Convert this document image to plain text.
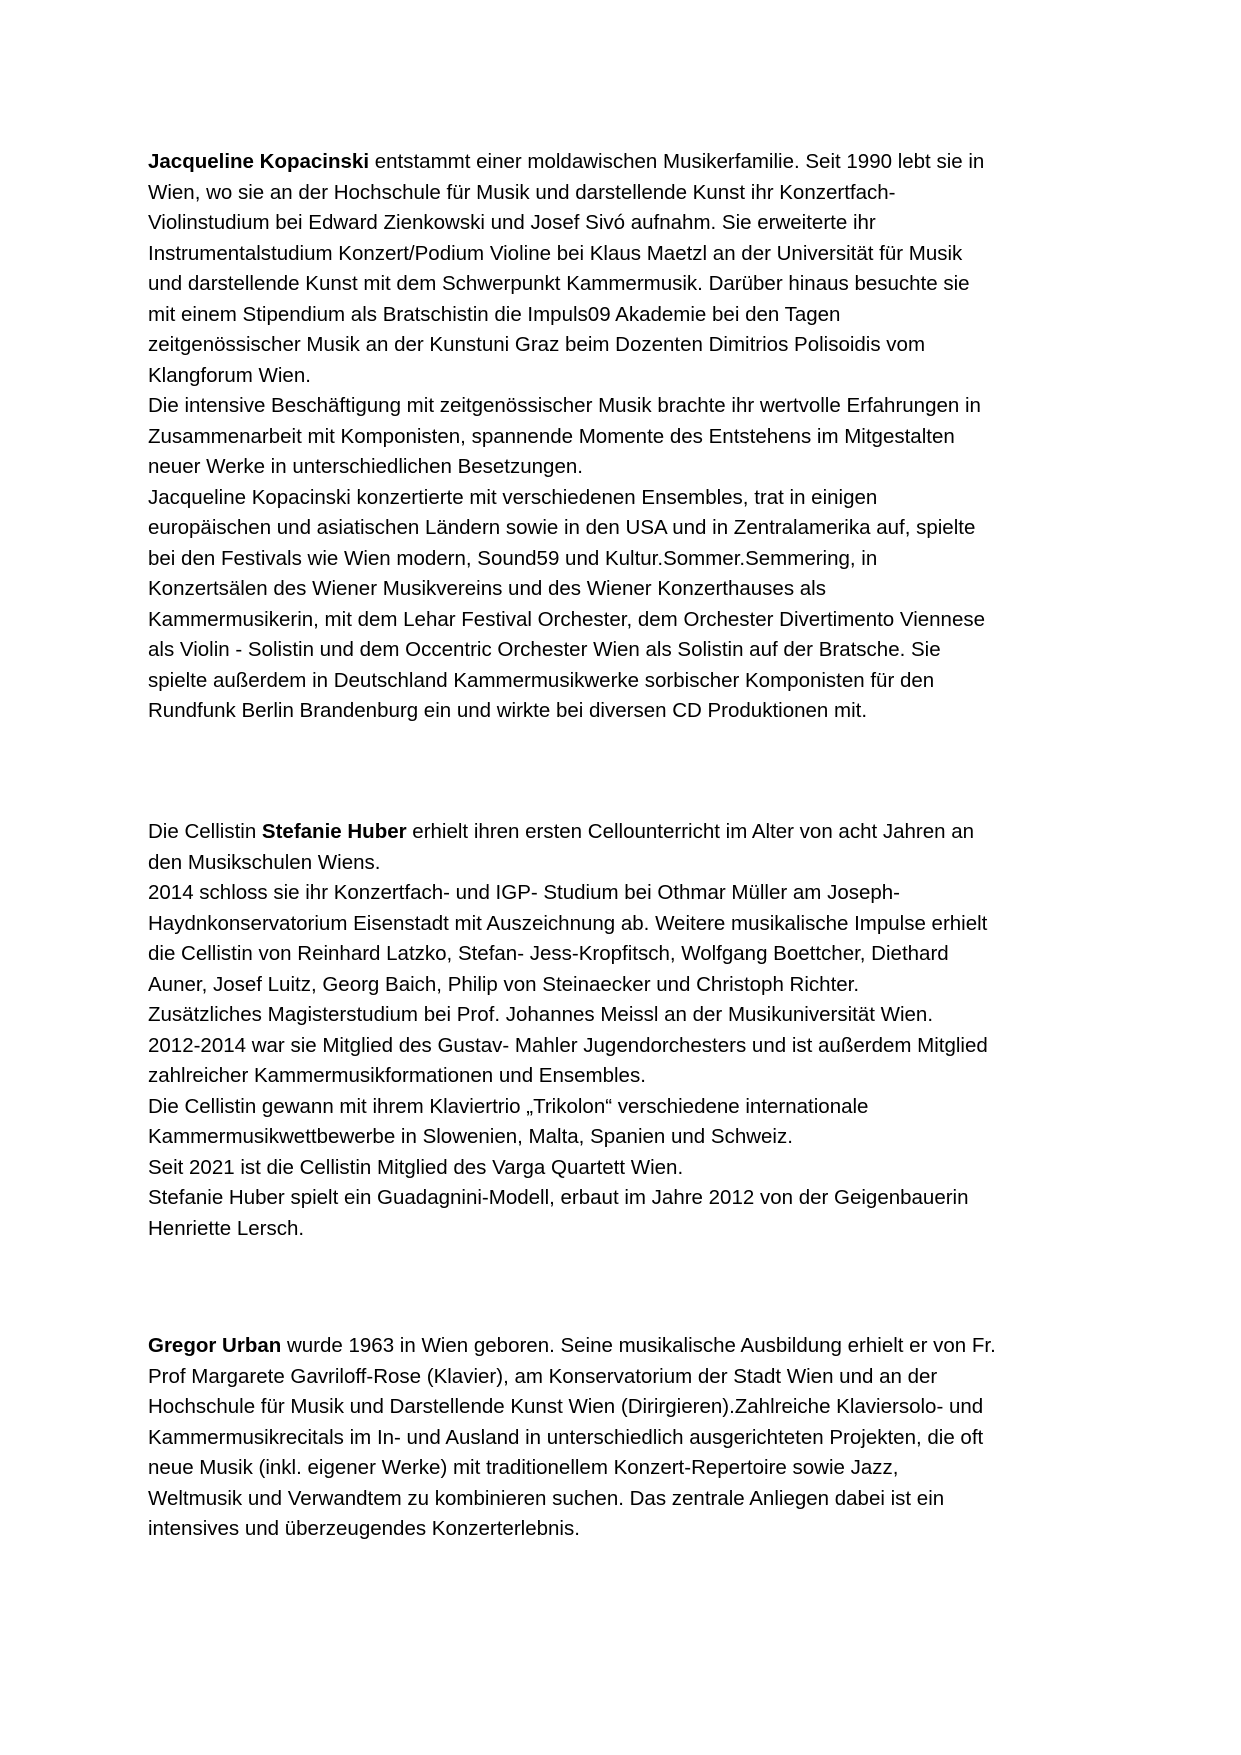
Jacqueline Kopacinski entstammt einer moldawischen Musikerfamilie. Seit 1990 lebt sie in
Wien, wo sie an der Hochschule für Musik und darstellende Kunst ihr Konzertfach-
Violinstudium bei Edward Zienkowski und Josef Sivó aufnahm. Sie erweiterte ihr
Instrumentalstudium Konzert/Podium Violine bei Klaus Maetzl an der Universität für Musik
und darstellende Kunst mit dem Schwerpunkt Kammermusik. Darüber hinaus besuchte sie
mit einem Stipendium als Bratschistin die Impuls09 Akademie bei den Tagen
zeitgenössischer Musik an der Kunstuni Graz beim Dozenten Dimitrios Polisoidis vom
Klangforum Wien.
Die intensive Beschäftigung mit zeitgenössischer Musik brachte ihr wertvolle Erfahrungen in
Zusammenarbeit mit Komponisten, spannende Momente des Entstehens im Mitgestalten
neuer Werke in unterschiedlichen Besetzungen.
Jacqueline Kopacinski konzertierte mit verschiedenen Ensembles, trat in einigen
europäischen und asiatischen Ländern sowie in den USA und in Zentralamerika auf, spielte
bei den Festivals wie Wien modern, Sound59 und Kultur.Sommer.Semmering, in
Konzertsälen des Wiener Musikvereins und des Wiener Konzerthauses als
Kammermusikerin, mit dem Lehar Festival Orchester, dem Orchester Divertimento Viennese
als Violin - Solistin und dem Occentric Orchester Wien als Solistin auf der Bratsche. Sie
spielte außerdem in Deutschland Kammermusikwerke sorbischer Komponisten für den
Rundfunk Berlin Brandenburg ein und wirkte bei diversen CD Produktionen mit.
Die Cellistin Stefanie Huber erhielt ihren ersten Cellounterricht im Alter von acht Jahren an
den Musikschulen Wiens.
2014 schloss sie ihr Konzertfach- und IGP- Studium bei Othmar Müller am Joseph-
Haydnkonservatorium Eisenstadt mit Auszeichnung ab. Weitere musikalische Impulse erhielt
die Cellistin von Reinhard Latzko, Stefan- Jess-Kropfitsch, Wolfgang Boettcher, Diethard
Auner, Josef Luitz, Georg Baich, Philip von Steinaecker und Christoph Richter.
Zusätzliches Magisterstudium bei Prof. Johannes Meissl an der Musikuniversität Wien.
2012-2014 war sie Mitglied des Gustav- Mahler Jugendorchesters und ist außerdem Mitglied
zahlreicher Kammermusikformationen und Ensembles.
Die Cellistin gewann mit ihrem Klaviertrio „Trikolon“ verschiedene internationale
Kammermusikwettbewerbe in Slowenien, Malta, Spanien und Schweiz.
Seit 2021 ist die Cellistin Mitglied des Varga Quartett Wien.
Stefanie Huber spielt ein Guadagnini-Modell, erbaut im Jahre 2012 von der Geigenbauerin
Henriette Lersch.
Gregor Urban wurde 1963 in Wien geboren. Seine musikalische Ausbildung erhielt er von Fr.
Prof Margarete Gavriloff-Rose (Klavier), am Konservatorium der Stadt Wien und an der
Hochschule für Musik und Darstellende Kunst Wien (Dirirgieren).Zahlreiche Klaviersolo- und
Kammermusikrecitals im In- und Ausland in unterschiedlich ausgerichteten Projekten, die oft
neue Musik (inkl. eigener Werke) mit traditionellem Konzert-Repertoire sowie Jazz,
Weltmusik und Verwandtem zu kombinieren suchen. Das zentrale Anliegen dabei ist ein
intensives und überzeugendes Konzerterlebnis.
